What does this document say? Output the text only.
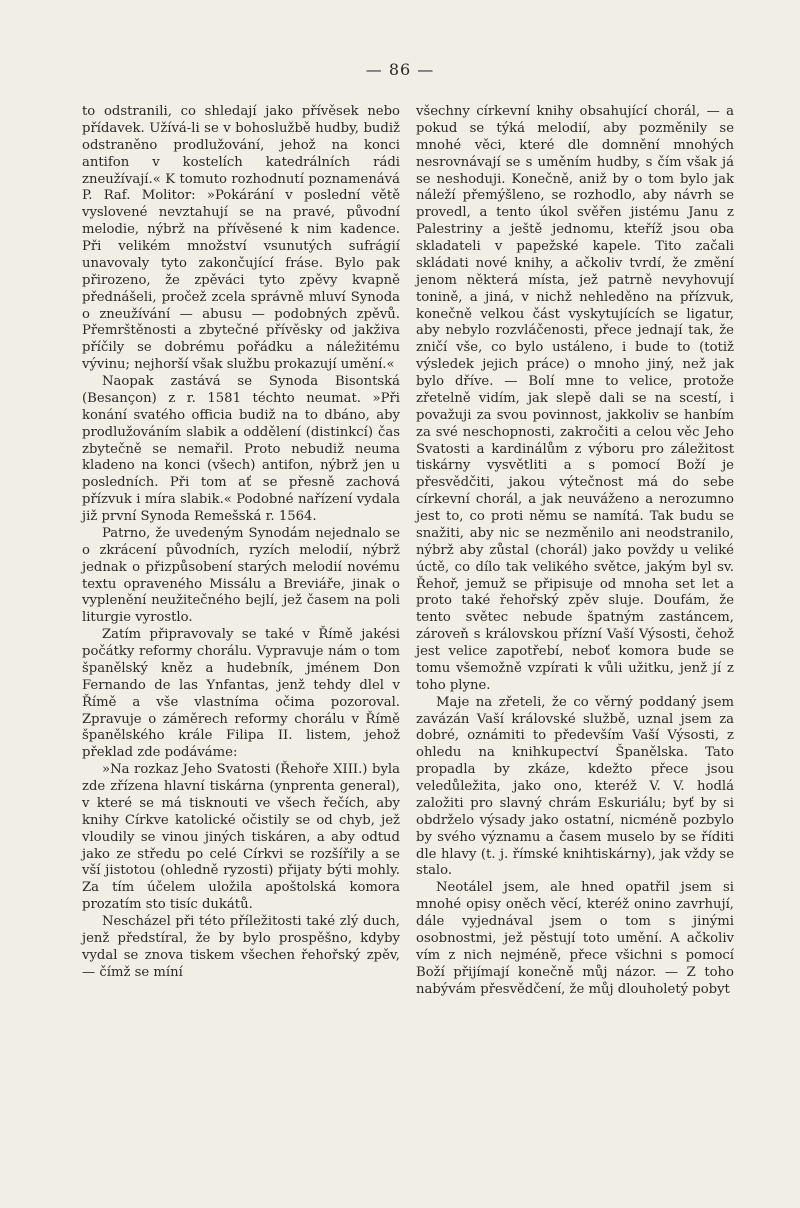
— 86 —

to odstranili, co shledají jako přívěsek nebo přídavek. Užívá-li se v bohoslužbě hudby, budiž odstraněno prodlužování, jehož na konci antifon v kostelích katedrálních rádi zneužívají.« K tomuto rozhodnutí poznamenává P. Raf. Molitor: »Pokárání v poslední větě vyslovené nevztahují se na pravé, původní melodie, nýbrž na přívěsené k nim kadence. Při velikém množství vsunutých sufrágií unavovaly tyto zakončující fráse. Bylo pak přirozeno, že zpěváci tyto zpěvy kvapně přednášeli, pročež zcela správně mluví Synoda o zneužívání — abusu — podobných zpěvů. Přemrštěnosti a zbytečné přívěsky od jakživa příčily se dobrému pořádku a náležitému vývinu; nejhorší však službu prokazují umění.«

Naopak zastává se Synoda Bisontská (Besançon) z r. 1581 téchto neumat. »Při konání svatého officia budiž na to dbáno, aby prodlužováním slabik a oddělení (distinkcí) čas zbytečně se nemařil. Proto nebudiž neuma kladeno na konci (všech) antifon, nýbrž jen u posledních. Při tom ať se přesně zachová přízvuk i míra slabik.« Podobné nařízení vydala již první Synoda Remešská r. 1564.

Patrno, že uvedeným Synodám nejednalo se o zkrácení původních, ryzích melodií, nýbrž jednak o přizpůsobení starých melodií novému textu opraveného Missálu a Breviáře, jinak o vyplenění neužitečného bejlí, jež časem na poli liturgie vyrostlo.

Zatím připravovaly se také v Římě jakési počátky reformy chorálu. Vypravuje nám o tom španělský kněz a hudebník, jménem Don Fernando de las Ynfantas, jenž tehdy dlel v Římě a vše vlastníma očima pozoroval. Zpravuje o záměrech reformy chorálu v Římě španělského krále Filipa II. listem, jehož překlad zde podáváme:

»Na rozkaz Jeho Svatosti (Řehoře XIII.) byla zde zřízena hlavní tiskárna (ynprenta general), v které se má tisknouti ve všech řečích, aby knihy Církve katolické očistily se od chyb, jež vloudily se vinou jiných tiskáren, a aby odtud jako ze středu po celé Církvi se rozšířily a se vší jistotou (ohledně ryzosti) přijaty býti mohly. Za tím účelem uložila apoštolská komora prozatím sto tisíc dukátů.

Nescházel při této příležitosti také zlý duch, jenž předstíral, že by bylo prospěšno, kdyby vydal se znova tiskem všechen řehořský zpěv, — čímž se míní

všechny církevní knihy obsahující chorál, — a pokud se týká melodií, aby pozměnily se mnohé věci, které dle domnění mnohých nesrovnávají se s uměním hudby, s čím však já se neshoduji. Konečně, aniž by o tom bylo jak náleží přemýšleno, se rozhodlo, aby návrh se provedl, a tento úkol svěřen jistému Janu z Palestriny a ještě jednomu, kteříž jsou oba skladateli v papežské kapele. Tito začali skládati nové knihy, a ačkoliv tvrdí, že změní jenom některá místa, jež patrně nevyhovují tonině, a jiná, v nichž nehleděno na přízvuk, konečně velkou část vyskytujících se ligatur, aby nebylo rozvláčenosti, přece jednají tak, že zničí vše, co bylo ustáleno, i bude to (totiž výsledek jejich práce) o mnoho jiný, než jak bylo dříve. — Bolí mne to velice, protože zřetelně vidím, jak slepě dali se na scestí, i považuji za svou povinnost, jakkoliv se hanbím za své neschopnosti, zakročiti a celou věc Jeho Svatosti a kardinálům z výboru pro záležitost tiskárny vysvětliti a s pomocí Boží je přesvědčiti, jakou výtečnost má do sebe církevní chorál, a jak neuváženo a nerozumno jest to, co proti němu se namítá. Tak budu se snažiti, aby nic se nezměnilo ani neodstranilo, nýbrž aby zůstal (chorál) jako povždy u veliké úctě, co dílo tak velikého světce, jakým byl sv. Řehoř, jemuž se připisuje od mnoha set let a proto také řehořský zpěv sluje. Doufám, že tento světec nebude špatným zastáncem, zároveň s královskou přízní Vaší Výsosti, čehož jest velice zapotřebí, neboť komora bude se tomu všemožně vzpírati k vůli užitku, jenž jí z toho plyne.

Maje na zřeteli, že co věrný poddaný jsem zavázán Vaší královské službě, uznal jsem za dobré, oznámiti to především Vaší Výsosti, z ohledu na knihkupectví Španělska. Tato propadla by zkáze, kdežto přece jsou veledůležita, jako ono, kteréž V. V. hodlá založiti pro slavný chrám Eskuriálu; byť by si obdrželo výsady jako ostatní, nicméně pozbylo by svého významu a časem muselo by se říditi dle hlavy (t. j. římské knihtiskárny), jak vždy se stalo.

Neotálel jsem, ale hned opatřil jsem si mnohé opisy oněch věcí, kteréž onino zavrhují, dále vyjednával jsem o tom s jinými osobnostmi, jež pěstují toto umění. A ačkoliv vím z nich nejméně, přece všichni s pomocí Boží přijímají konečně můj názor. — Z toho nabývám přesvědčení, že můj dlouholetý pobyt
